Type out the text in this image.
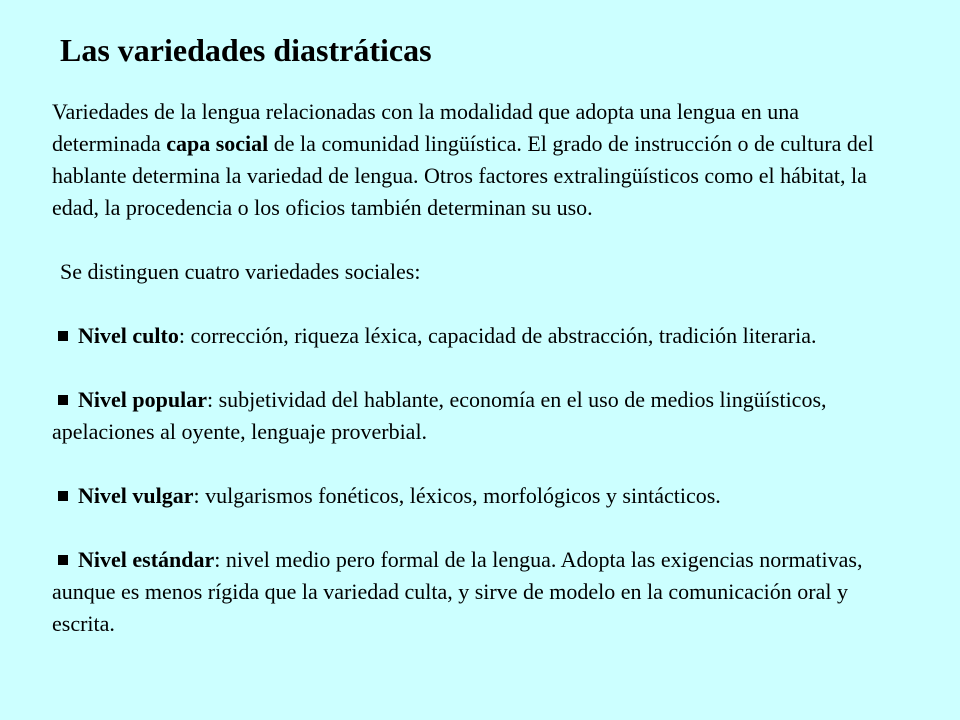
Las variedades diastráticas

Variedades de la lengua relacionadas con la modalidad que adopta una lengua en una determinada capa social de la comunidad lingüística. El grado de instrucción o de cultura del hablante determina la variedad de lengua. Otros factores extralingüísticos como el hábitat, la edad, la procedencia o los oficios también determinan su uso.

Se distinguen cuatro variedades sociales:

Nivel culto: corrección, riqueza léxica, capacidad de abstracción, tradición literaria.

Nivel popular: subjetividad del hablante, economía en el uso de medios lingüísticos, apelaciones al oyente, lenguaje proverbial.

Nivel vulgar: vulgarismos fonéticos, léxicos, morfológicos y sintácticos.

Nivel estándar: nivel medio pero formal de la lengua. Adopta las exigencias normativas, aunque es menos rígida que la variedad culta, y sirve de modelo en la comunicación oral y escrita.
